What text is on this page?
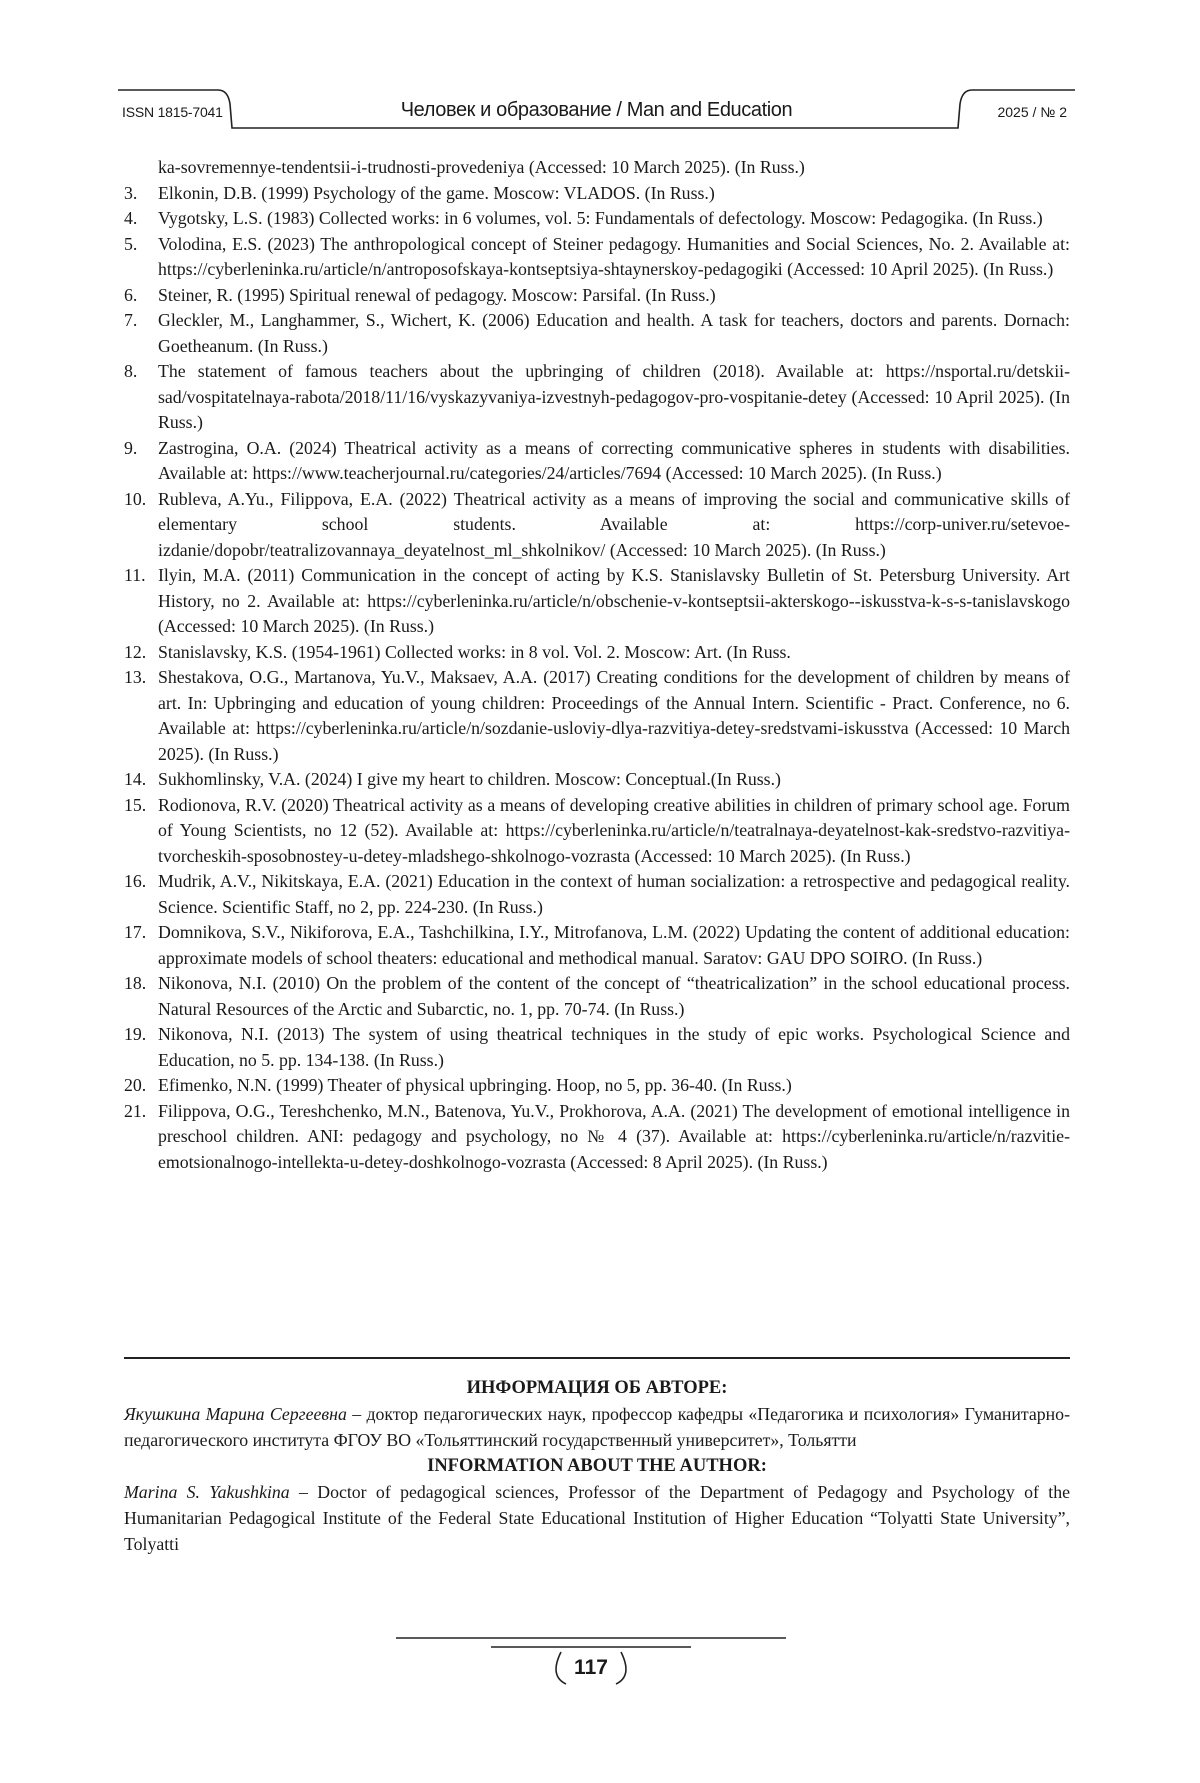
ISSN 1815-7041	Человек и образование / Man and Education	2025 / № 2
ka-sovremennye-tendentsii-i-trudnosti-provedeniya (Accessed: 10 March 2025). (In Russ.)
3.	Elkonin, D.B. (1999) Psychology of the game. Moscow: VLADOS. (In Russ.)
4.	Vygotsky, L.S. (1983) Collected works: in 6 volumes, vol. 5: Fundamentals of defectology. Moscow: Pedagogika. (In Russ.)
5.	Volodina, E.S. (2023) The anthropological concept of Steiner pedagogy. Humanities and Social Sciences, No. 2. Available at: https://cyberleninka.ru/article/n/antroposofskaya-kontseptsiya-shtaynerskoy-pedagogiki (Accessed: 10 April 2025). (In Russ.)
6.	Steiner, R. (1995) Spiritual renewal of pedagogy. Moscow: Parsifal. (In Russ.)
7.	Gleckler, M., Langhammer, S., Wichert, K. (2006) Education and health. A task for teachers, doctors and parents. Dornach: Goetheanum. (In Russ.)
8.	The statement of famous teachers about the upbringing of children (2018). Available at: https://nsportal.ru/detskii-sad/vospitatelnaya-rabota/2018/11/16/vyskazyvaniya-izvestnyh-pedagogov-pro-vospitanie-detey (Accessed: 10 April 2025). (In Russ.)
9.	Zastrogina, O.A. (2024) Theatrical activity as a means of correcting communicative spheres in students with disabilities. Available at: https://www.teacherjournal.ru/categories/24/articles/7694 (Accessed: 10 March 2025). (In Russ.)
10. Rubleva, A.Yu., Filippova, E.A. (2022) Theatrical activity as a means of improving the social and communicative skills of elementary school students. Available at: https://corp-univer.ru/setevoe-izdanie/dopobr/teatralizovannaya_deyatelnost_ml_shkolnikov/ (Accessed: 10 March 2025). (In Russ.)
11. Ilyin, M.A. (2011) Communication in the concept of acting by K.S. Stanislavsky Bulletin of St. Petersburg University. Art History, no 2. Available at: https://cyberleninka.ru/article/n/obschenie-v-kontseptsii-akterskogo--iskusstva-k-s-s-tanislavskogo (Accessed: 10 March 2025). (In Russ.)
12. Stanislavsky, K.S. (1954-1961) Collected works: in 8 vol. Vol. 2. Moscow: Art. (In Russ.
13. Shestakova, O.G., Martanova, Yu.V., Maksaev, A.A. (2017) Creating conditions for the development of children by means of art. In: Upbringing and education of young children: Proceedings of the Annual Intern. Scientific - Pract. Conference, no 6. Available at: https://cyberleninka.ru/article/n/sozdanie-usloviy-dlya-razvitiya-detey-sredstvami-iskusstva (Accessed: 10 March 2025). (In Russ.)
14. Sukhomlinsky, V.A. (2024) I give my heart to children. Moscow: Conceptual.(In Russ.)
15. Rodionova, R.V. (2020) Theatrical activity as a means of developing creative abilities in children of primary school age. Forum of Young Scientists, no 12 (52). Available at: https://cyberleninka.ru/article/n/teatralnaya-deyatelnost-kak-sredstvo-razvitiya-tvorcheskih-sposobnostey-u-detey-mladshego-shkolnogo-vozrasta (Accessed: 10 March 2025). (In Russ.)
16. Mudrik, A.V., Nikitskaya, E.A. (2021) Education in the context of human socialization: a retrospective and pedagogical reality. Science. Scientific Staff, no 2, pp. 224-230. (In Russ.)
17. Domnikova, S.V., Nikiforova, E.A., Tashchilkina, I.Y., Mitrofanova, L.M. (2022) Updating the content of additional education: approximate models of school theaters: educational and methodical manual. Saratov: GAU DPO SOIRO. (In Russ.)
18. Nikonova, N.I. (2010) On the problem of the content of the concept of “theatricalization” in the school educational process. Natural Resources of the Arctic and Subarctic, no. 1, pp. 70-74. (In Russ.)
19. Nikonova, N.I. (2013) The system of using theatrical techniques in the study of epic works. Psychological Science and Education, no 5. pp. 134-138. (In Russ.)
20. Efimenko, N.N. (1999) Theater of physical upbringing. Hoop, no 5, pp. 36-40. (In Russ.)
21. Filippova, O.G., Tereshchenko, M.N., Batenova, Yu.V., Prokhorova, A.A. (2021) The development of emotional intelligence in preschool children. ANI: pedagogy and psychology, no № 4 (37). Available at: https://cyberleninka.ru/article/n/razvitie-emotsionalnogo-intellekta-u-detey-doshkolnogo-vozrasta (Accessed: 8 April 2025). (In Russ.)
ИНФОРМАЦИЯ ОБ АВТОРЕ:

Якушкина Марина Сергеевна – доктор педагогических наук, профессор кафедры «Педагогика и психология» Гуманитарно-педагогического института ФГОУ ВО «Тольяттинский государственный университет», Тольятти

INFORMATION ABOUT THE AUTHOR:

Marina S. Yakushkina – Doctor of pedagogical sciences, Professor of the Department of Pedagogy and Psychology of the Humanitarian Pedagogical Institute of the Federal State Educational Institution of Higher Education “Tolyatti State University”, Tolyatti

117
